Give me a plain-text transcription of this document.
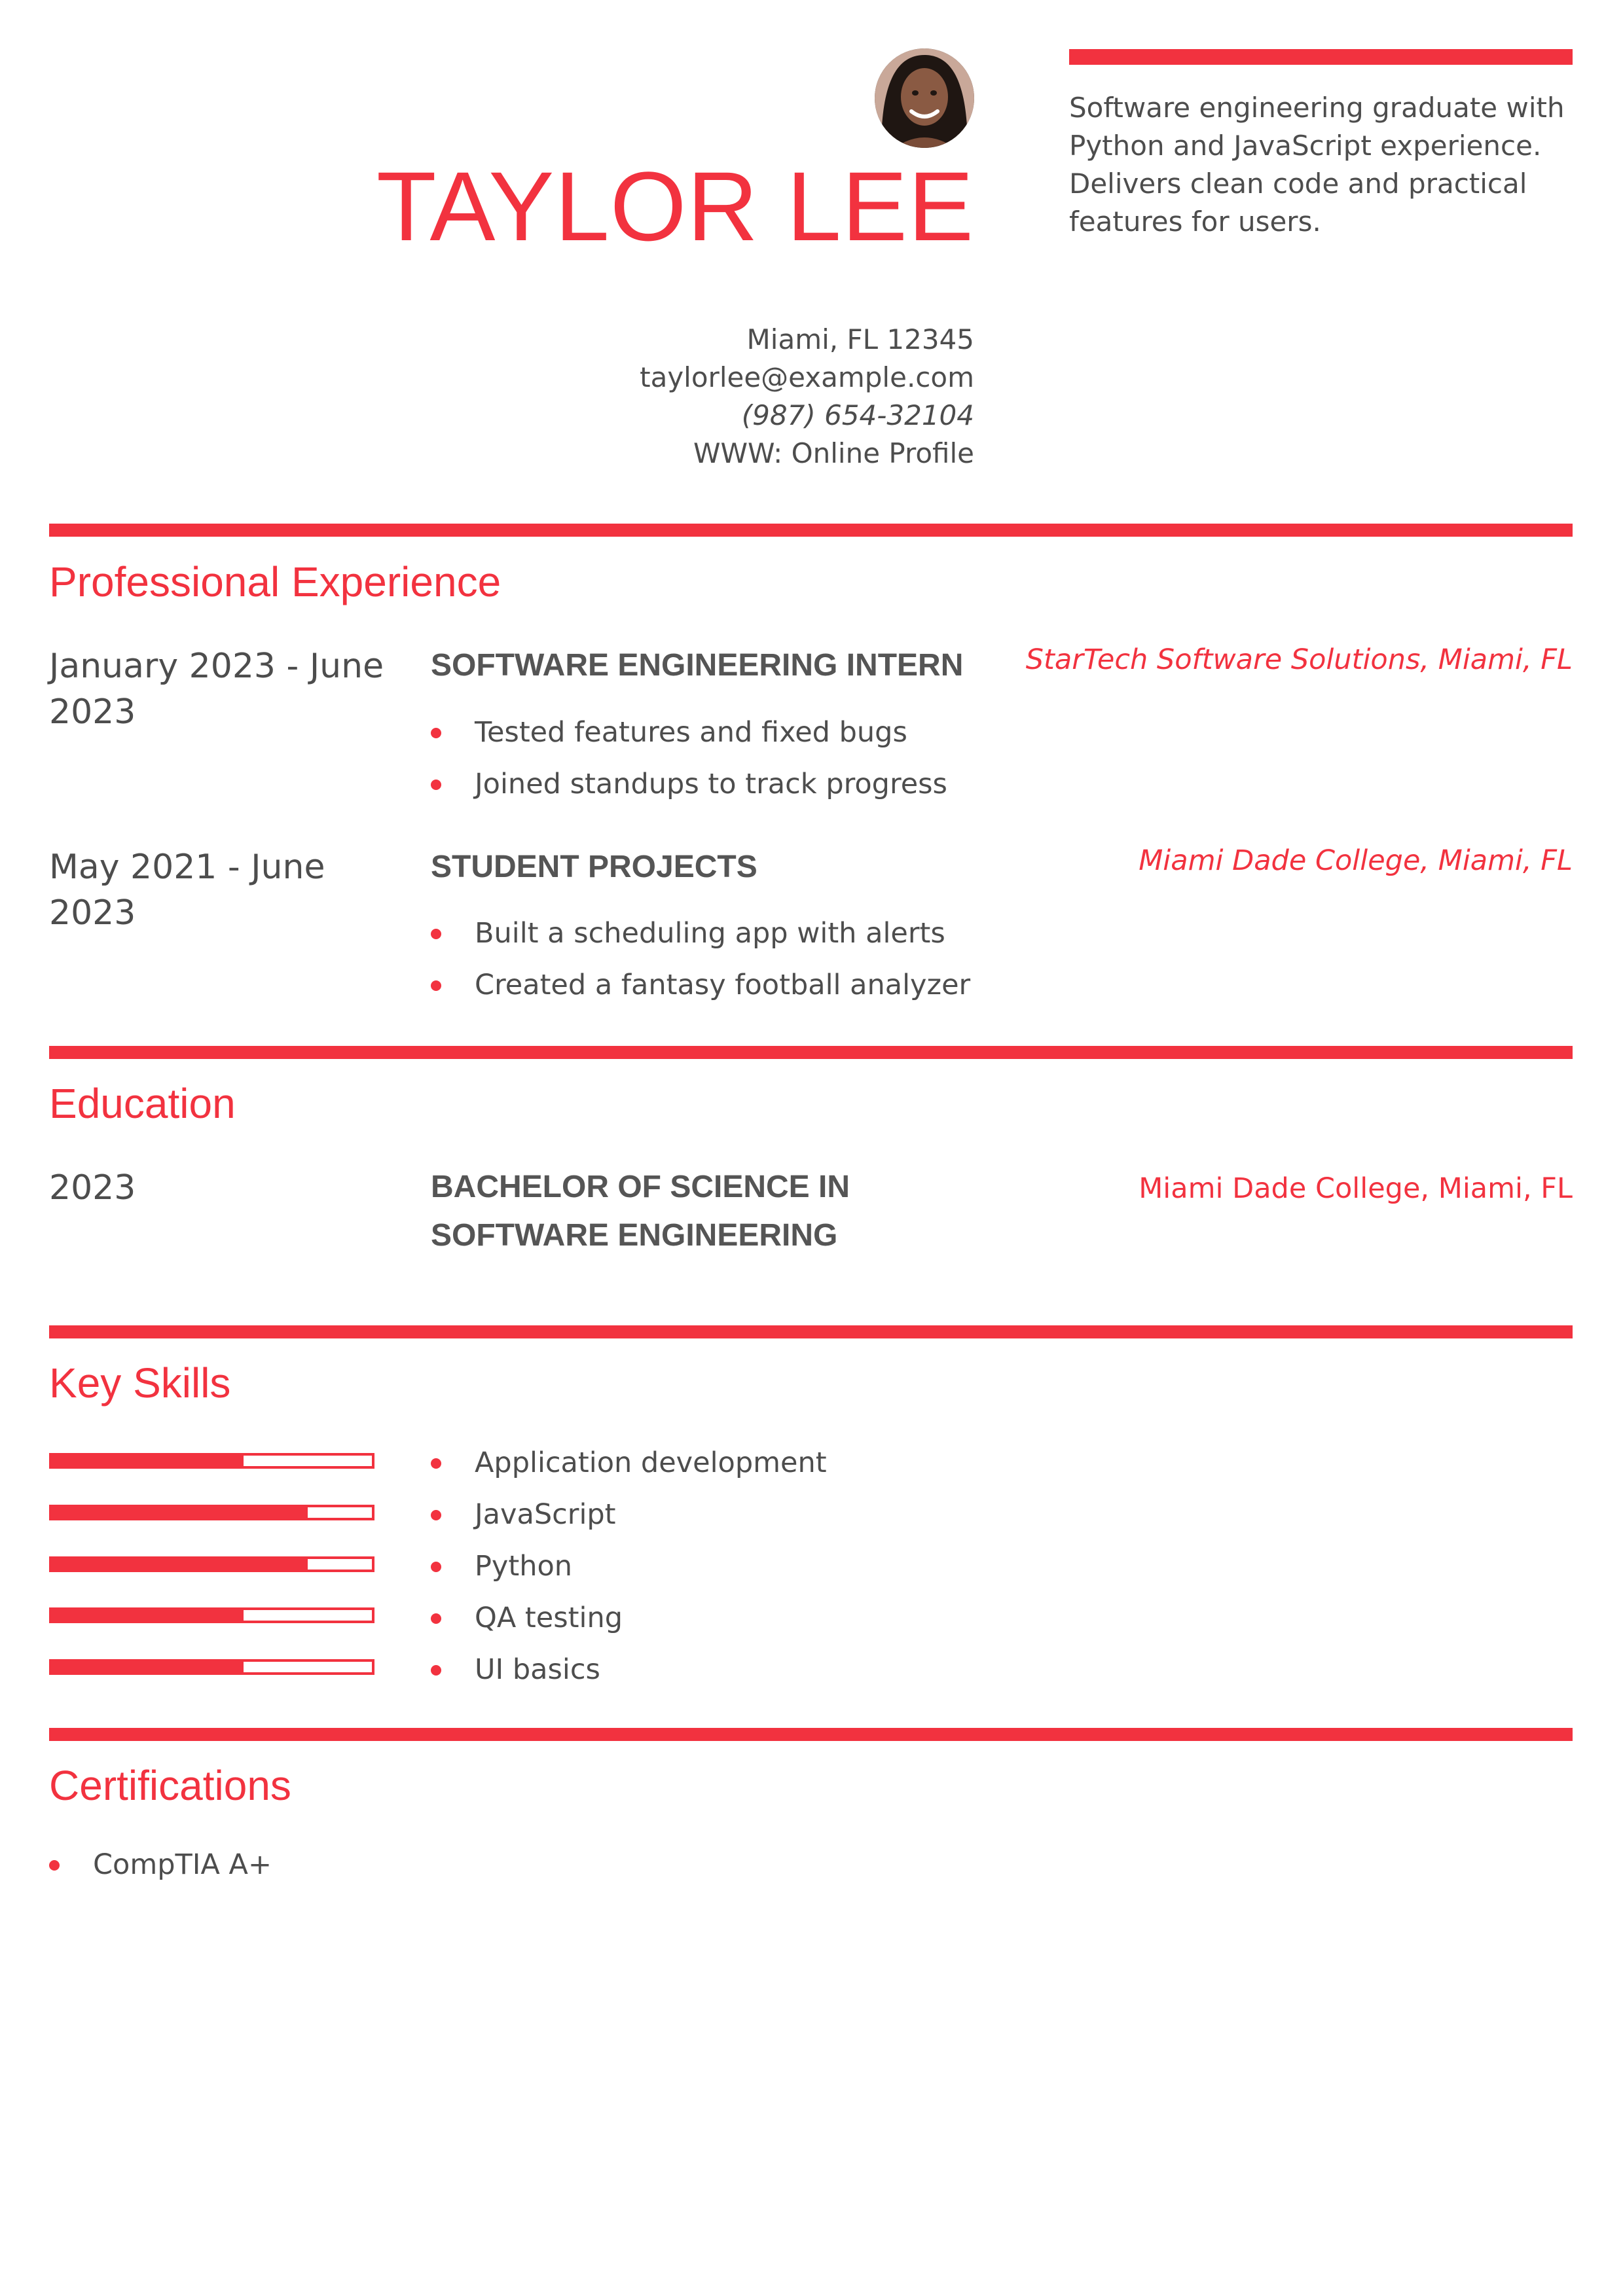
TAYLOR LEE
Miami, FL 12345
taylorlee@example.com
(987) 654-32104
WWW: Online Profile
Software engineering graduate with Python and JavaScript experience. Delivers clean code and practical features for users.
Professional Experience
January 2023 - June 2023
SOFTWARE ENGINEERING INTERN StarTech Software Solutions, Miami, FL
Tested features and fixed bugs
Joined standups to track progress
May 2021 - June 2023
STUDENT PROJECTS	Miami Dade College, Miami, FL
Built a scheduling app with alerts
Created a fantasy football analyzer
Education
2023	BACHELOR OF SCIENCE IN SOFTWARE ENGINEERING
Miami Dade College, Miami, FL
Key Skills
Application development
JavaScript
Python
QA testing
UI basics
Certifications
CompTIA A+
